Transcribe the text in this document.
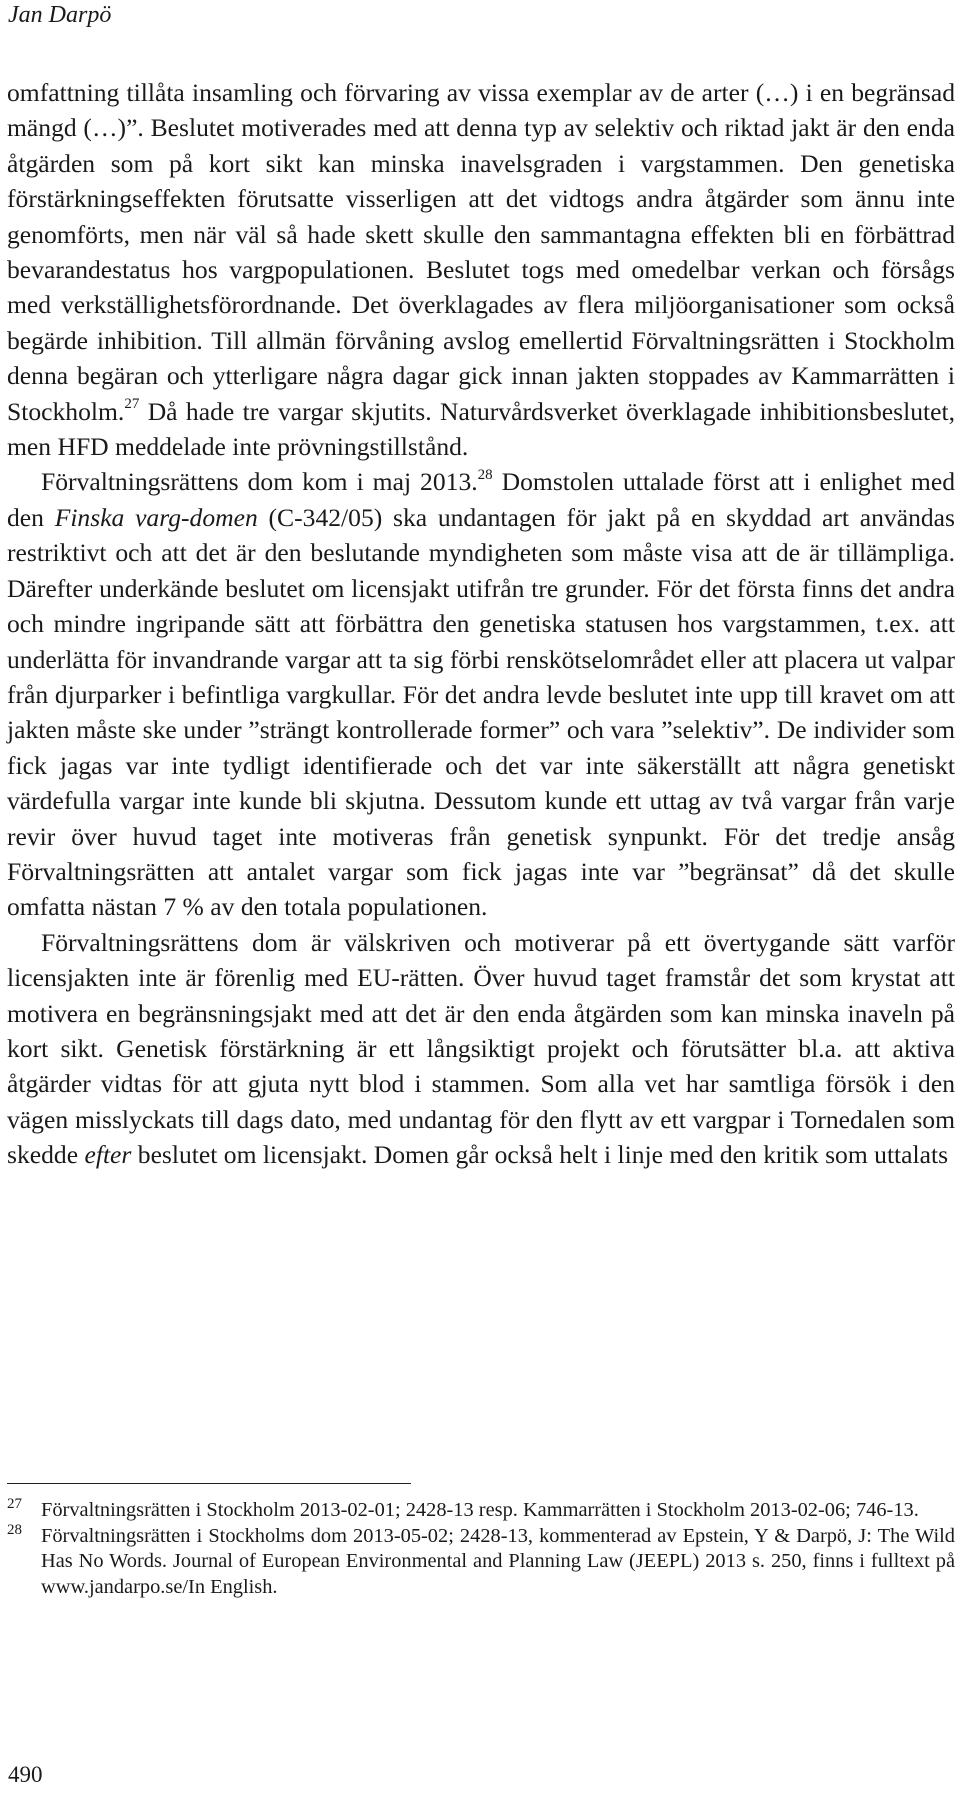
Jan Darpö

omfattning tillåta insamling och förvaring av vissa exemplar av de arter (…) i en begränsad mängd (…)”. Beslutet motiverades med att denna typ av selektiv och riktad jakt är den enda åtgärden som på kort sikt kan minska inavelsgraden i vargstammen. Den genetiska förstärkningseffekten förutsatte visserligen att det vidtogs andra åtgärder som ännu inte genomförts, men när väl så hade skett skulle den sammantagna effekten bli en förbättrad bevarandestatus hos vargpopulationen. Beslutet togs med omedelbar verkan och försågs med verkställighetsförordnande. Det överklagades av flera miljöorganisationer som också begärde inhibition. Till allmän förvåning avslog emellertid Förvaltningsrätten i Stockholm denna begäran och ytterligare några dagar gick innan jakten stoppades av Kammarrätten i Stockholm.$^{27}$ Då hade tre vargar skjutits. Naturvårdsverket överklagade inhibitionsbeslutet, men HFD meddelade inte prövningstillstånd.

Förvaltningsrättens dom kom i maj 2013.28 Domstolen uttalade först att i enlighet med den Finska varg-domen (C-342/05) ska undantagen för jakt på en skyddad art användas restriktivt och att det är den beslutande myndigheten som måste visa att de är tillämpliga. Därefter underkände beslutet om licensjakt utifrån tre grunder. För det första finns det andra och mindre ingripande sätt att förbättra den genetiska statusen hos vargstammen, t.ex. att underlätta för invandrande vargar att ta sig förbi renskötselområdet eller att placera ut valpar från djurparker i befintliga vargkullar. För det andra levde beslutet inte upp till kravet om att jakten måste ske under ”strängt kontrollerade former” och vara ”selektiv”. De individer som fick jagas var inte tydligt identifierade och det var inte säkerställt att några genetiskt värdefulla vargar inte kunde bli skjutna. Dessutom kunde ett uttag av två vargar från varje revir över huvud taget inte motiveras från genetisk synpunkt. För det tredje ansåg Förvaltningsrätten att antalet vargar som fick jagas inte var ”begränsat” då det skulle omfatta nästan 7 % av den totala populationen.

Förvaltningsrättens dom är välskriven och motiverar på ett övertygande sätt varför licensjakten inte är förenlig med EU-rätten. Över huvud taget framstår det som krystat att motivera en begränsningsjakt med att det är den enda åtgärden som kan minska inaveln på kort sikt. Genetisk förstärkning är ett långsiktigt projekt och förutsätter bl.a. att aktiva åtgärder vidtas för att gjuta nytt blod i stammen. Som alla vet har samtliga försök i den vägen misslyckats till dags dato, med undantag för den flytt av ett vargpar i Tornedalen som skedde efter beslutet om licensjakt. Domen går också helt i linje med den kritik som uttalats

27 Förvaltningsrätten i Stockholm 2013-02-01; 2428-13 resp. Kammarrätten i Stockholm 2013-02-06; 746-13.

28 Förvaltningsrätten i Stockholms dom 2013-05-02; 2428-13, kommenterad av Epstein, Y & Darpö, J: The Wild Has No Words. Journal of European Environmental and Planning Law (JEEPL) 2013 s. 250, finns i fulltext på www.jandarpo.se/In English.

490
